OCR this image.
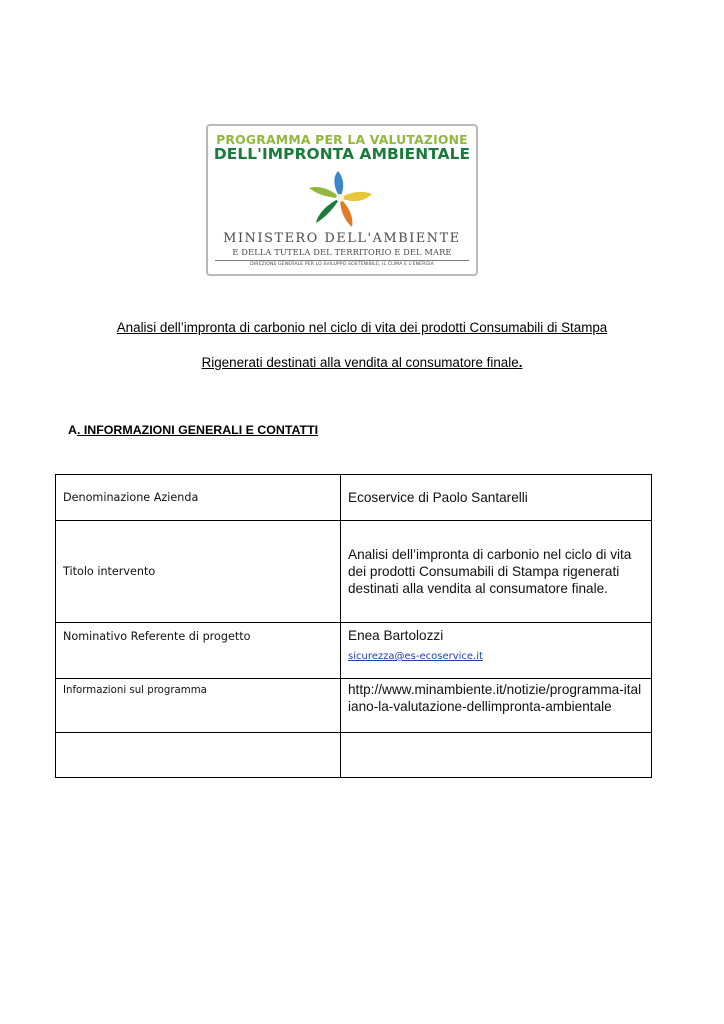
PROGRAMMA PER LA VALUTAZIONE
DELL'IMPRONTA AMBIENTALE
MINISTERO DELL'AMBIENTE
E DELLA TUTELA DEL TERRITORIO E DEL MARE
DIREZIONE GENERALE PER LO SVILUPPO SOSTENIBILE, IL CLIMA E L'ENERGIA
Analisi dell’impronta di carbonio nel ciclo di vita dei prodotti Consumabili di Stampa
Rigenerati destinati alla vendita al consumatore finale.
A. INFORMAZIONI GENERALI E CONTATTI
Denominazione Azienda	Ecoservice di Paolo Santarelli
Titolo intervento	Analisi dell’impronta di carbonio nel ciclo di vita dei prodotti Consumabili di Stampa rigenerati destinati alla vendita al consumatore finale.
Nominativo Referente di progetto	Enea Bartolozzi
sicurezza@es-ecoservice.it

Informazioni sul programma	http://www.minambiente.it/notizie/programma-italiano-la-valutazione-dellimpronta-ambientale
